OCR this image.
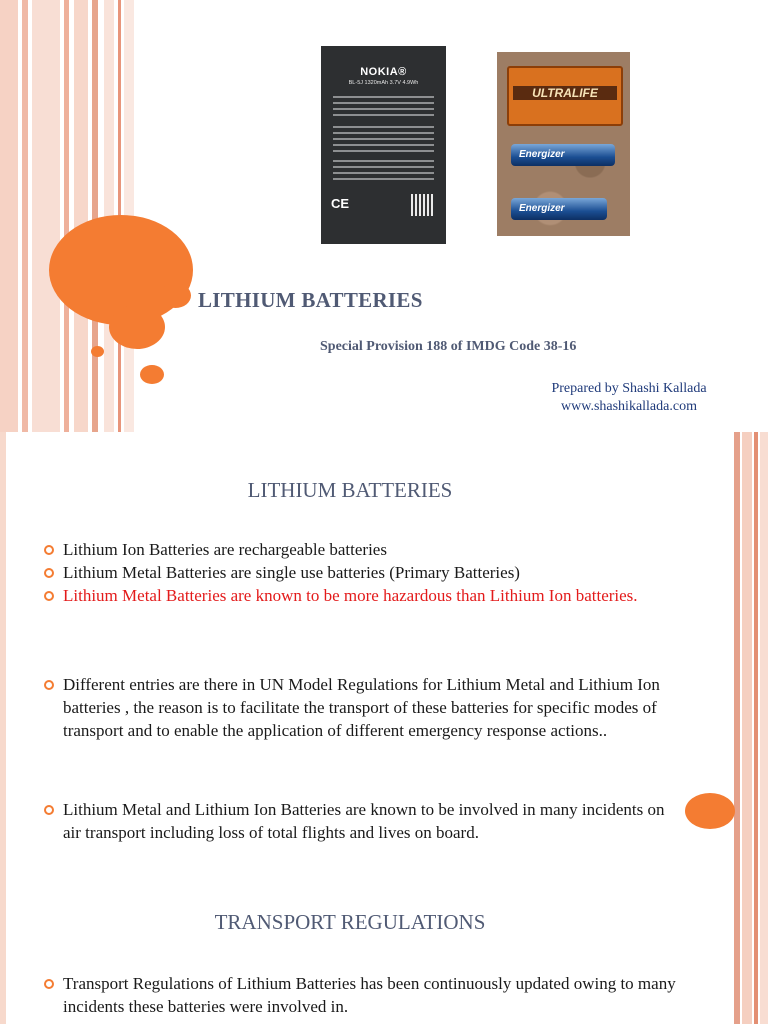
NOKIA®
BL-5J 1320mAh 3.7V 4.9Wh
CE
ULTRALIFE
Energizer
Energizer
LITHIUM BATTERIES
Special Provision 188 of IMDG Code 38-16
Prepared by Shashi Kallada
www.shashikallada.com
LITHIUM BATTERIES
Lithium Ion Batteries are rechargeable batteries
Lithium Metal Batteries are single use batteries (Primary Batteries)
Lithium Metal Batteries are known to be more hazardous than Lithium Ion batteries.
Different entries are there in UN Model Regulations for Lithium Metal and Lithium Ion batteries , the reason is to facilitate the transport of these batteries for specific modes of transport and to enable the application of different emergency response actions..
Lithium Metal and Lithium Ion Batteries are known to be involved in many incidents on air transport including loss of total flights and lives on board.
TRANSPORT REGULATIONS
Transport Regulations of Lithium Batteries has been continuously updated owing to many incidents these batteries were involved in.
